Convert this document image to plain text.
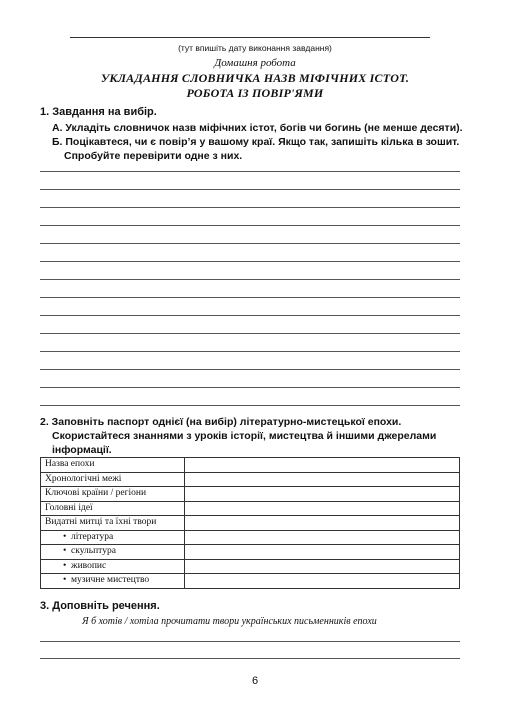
(тут впишіть дату виконання завдання)
Домашня робота
УКЛАДАННЯ СЛОВНИЧКА НАЗВ МІФІЧНИХ ІСТОТ.
РОБОТА ІЗ ПОВІР'ЯМИ
1. Завдання на вибір.
А. Укладіть словничок назв міфічних істот, богів чи богинь (не менше десяти).
Б. Поцікавтеся, чи є повір’я у вашому краї. Якщо так, запишіть кілька в зошит.
Спробуйте перевірити одне з них.
2. Заповніть паспорт однієї (на вибір) літературно-мистецької епохи.
Скористайтеся знаннями з уроків історії, мистецтва й іншими джерелами
інформації.
Назва епохи	
Хронологічні межі	
Ключові країни / регіони	
Головні ідеї	
Видатні митці та їхні твори	
• література	
• скульптура	
• живопис	
• музичне мистецтво	
3. Доповніть речення.
Я б хотів / хотіла прочитати твори українських письменників епохи
6
